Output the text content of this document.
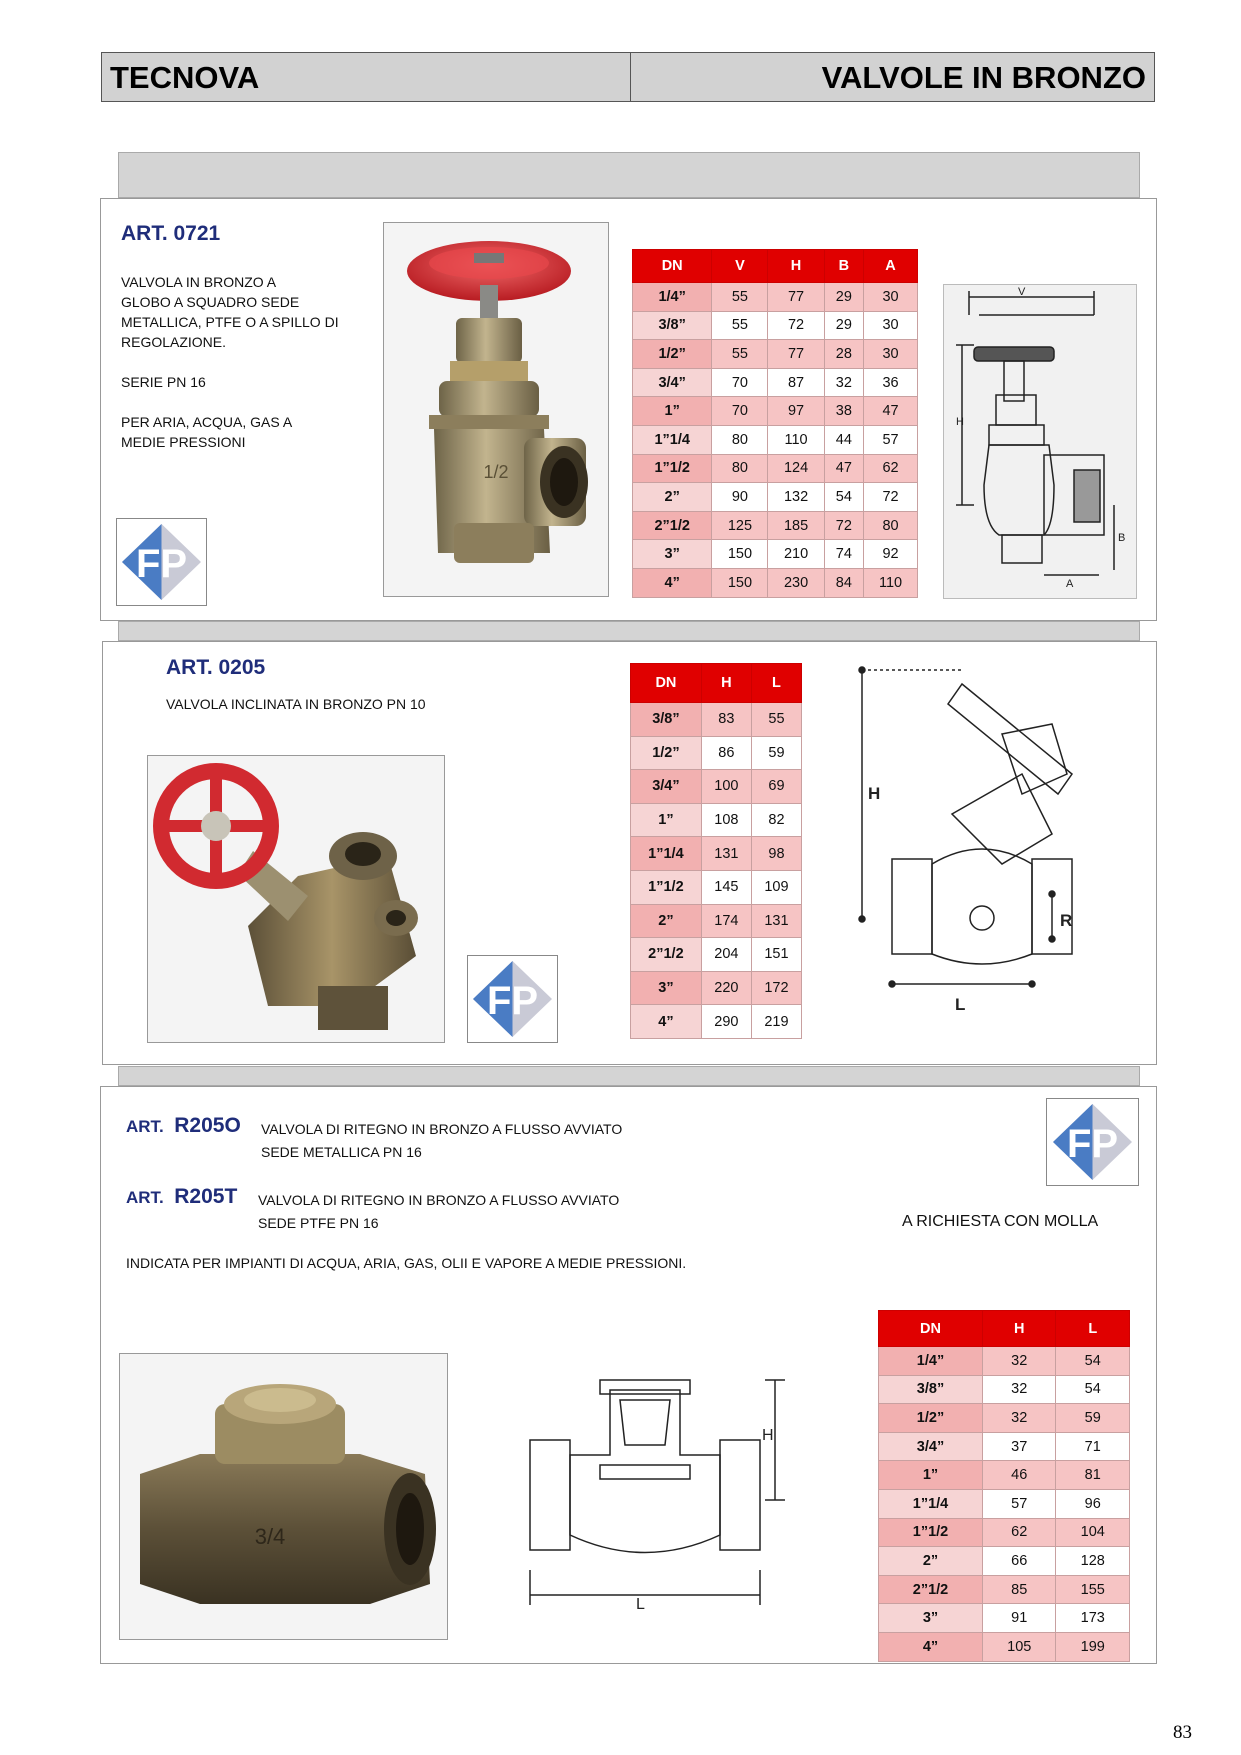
TECNOVA	VALVOLE IN BRONZO
ART. 0721
VALVOLA IN BRONZO A
GLOBO A SQUADRO SEDE
METALLICA, PTFE O A SPILLO DI
REGOLAZIONE.
SERIE PN 16
PER ARIA, ACQUA, GAS A
MEDIE PRESSIONI
FP
1/2
DN	V	H	B	A
1/4”	55	77	29	30
3/8”	55	72	29	30
1/2”	55	77	28	30
3/4”	70	87	32	36
1”	70	97	38	47
1”1/4	80	110	44	57
1”1/2	80	124	47	62
2”	90	132	54	72
2”1/2	125	185	72	80
3”	150	210	74	92
4”	150	230	84	110
V
H
B
A
ART. 0205
VALVOLA INCLINATA IN BRONZO PN 10
FP
DN	H	L
3/8”	83	55
1/2”	86	59
3/4”	100	69
1”	108	82
1”1/4	131	98
1”1/2	145	109
2”	174	131
2”1/2	204	151
3”	220	172
4”	290	219
H
R
L
ART. R205O VALVOLA DI RITEGNO IN BRONZO A FLUSSO AVVIATO
SEDE METALLICA PN 16
ART. R205T VALVOLA DI RITEGNO IN BRONZO A FLUSSO AVVIATO
SEDE PTFE PN 16
INDICATA PER IMPIANTI DI ACQUA, ARIA, GAS, OLII E VAPORE A MEDIE PRESSIONI.
A RICHIESTA CON MOLLA
FP
3/4
L
H
DN	H	L
1/4”	32	54
3/8”	32	54
1/2”	32	59
3/4”	37	71
1”	46	81
1”1/4	57	96
1”1/2	62	104
2”	66	128
2”1/2	85	155
3”	91	173
4”	105	199
83
